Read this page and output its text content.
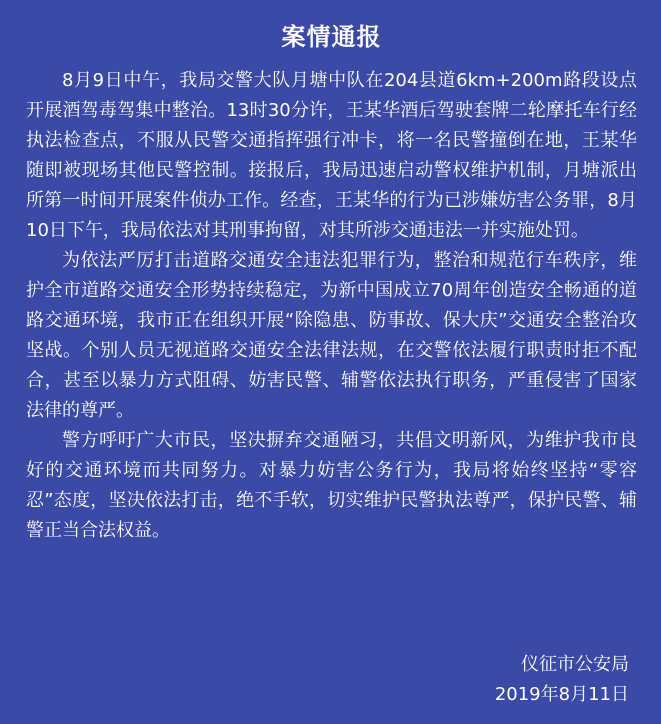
案情通报

8月9日中午，我局交警大队月塘中队在204县道6km+200m路段设点开展酒驾毒驾集中整治。13时30分许，王某华酒后驾驶套牌二轮摩托车行经执法检查点，不服从民警交通指挥强行冲卡，将一名民警撞倒在地，王某华随即被现场其他民警控制。接报后，我局迅速启动警权维护机制，月塘派出所第一时间开展案件侦办工作。经查，王某华的行为已涉嫌妨害公务罪，8月10日下午，我局依法对其刑事拘留，对其所涉交通违法一并实施处罚。

为依法严厉打击道路交通安全违法犯罪行为，整治和规范行车秩序，维护全市道路交通安全形势持续稳定，为新中国成立70周年创造安全畅通的道路交通环境，我市正在组织开展“除隐患、防事故、保大庆”交通安全整治攻坚战。个别人员无视道路交通安全法律法规，在交警依法履行职责时拒不配合，甚至以暴力方式阻碍、妨害民警、辅警依法执行职务，严重侵害了国家法律的尊严。

警方呼吁广大市民，坚决摒弃交通陋习，共倡文明新风，为维护我市良好的交通环境而共同努力。对暴力妨害公务行为，我局将始终坚持“零容忍”态度，坚决依法打击，绝不手软，切实维护民警执法尊严，保护民警、辅警正当合法权益。

仪征市公安局
2019年8月11日
